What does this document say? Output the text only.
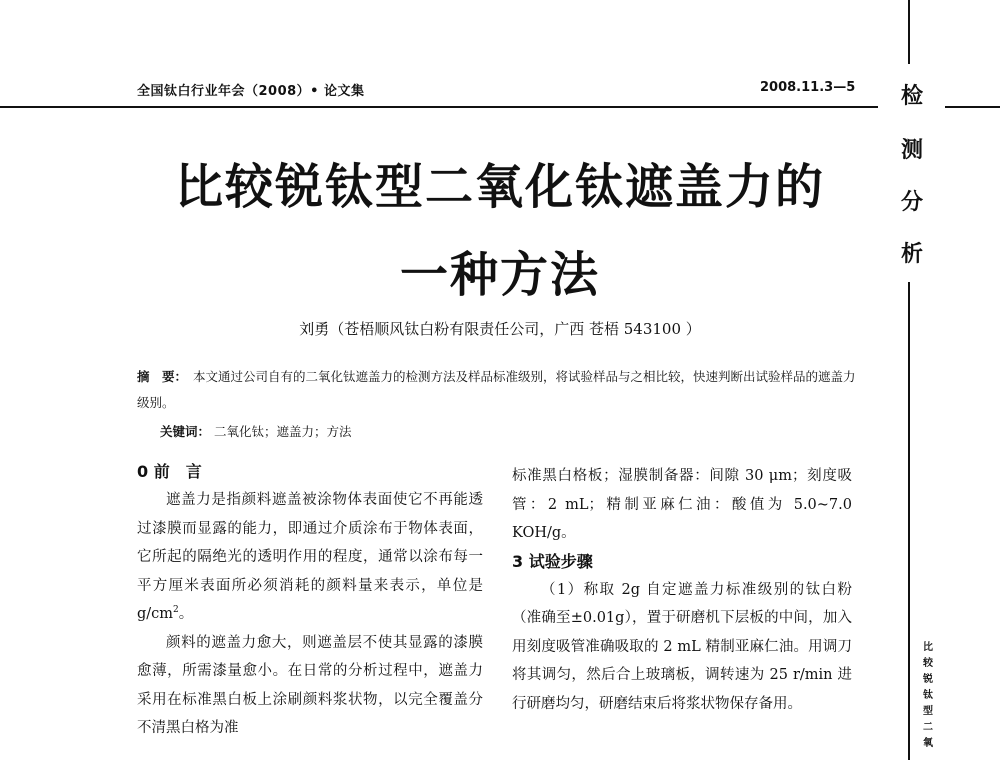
全国钛白行业年会（2008）• 论文集	2008.11.3—5	检
测
分
析
比
较
锐
钛
型
二
氧
比较锐钛型二氧化钛遮盖力的
一种方法
刘勇（苍梧顺风钛白粉有限责任公司，广西 苍梧 543100 ）
摘　要： 本文通过公司自有的二氧化钛遮盖力的检测方法及样品标准级别，将试验样品与之相比较，快速判断出试验样品的遮盖力级别。
关键词： 二氧化钛；遮盖力；方法
0 前　言

遮盖力是指颜料遮盖被涂物体表面使它不再能透过漆膜而显露的能力，即通过介质涂布于物体表面，它所起的隔绝光的透明作用的程度，通常以涂布每一平方厘米表面所必须消耗的颜料量来表示，单位是$g/cm^2$。

颜料的遮盖力愈大，则遮盖层不使其显露的漆膜愈薄，所需漆量愈小。在日常的分析过程中，遮盖力采用在标准黑白板上涂刷颜料浆状物，以完全覆盖分不清黑白格为准

标准黑白格板；湿膜制备器：间隙 30 μm；刻度吸管：2 mL；精制亚麻仁油：酸值为 5.0~7.0 KOH/g。

3 试验步骤

（1）称取 2g 自定遮盖力标准级别的钛白粉（准确至±0.01g），置于研磨机下层板的中间，加入用刻度吸管准确吸取的 2 mL 精制亚麻仁油。用调刀将其调匀，然后合上玻璃板，调转速为 25 r/min 进行研磨均匀，研磨结束后将浆状物保存备用。
